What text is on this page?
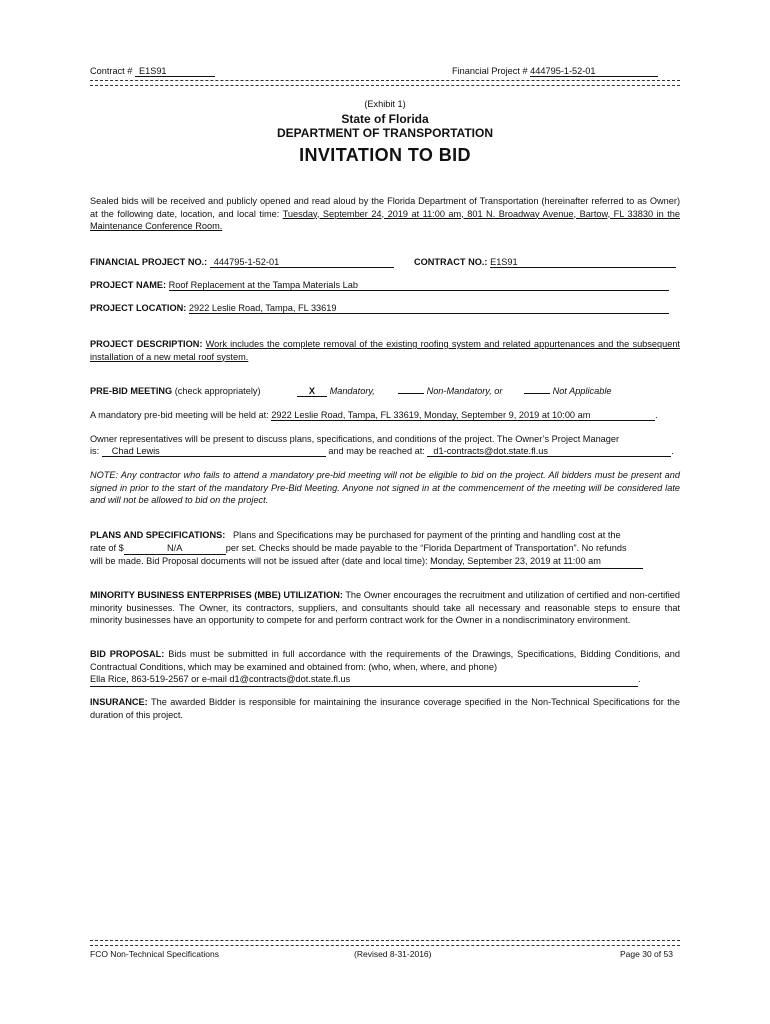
Contract # E1S91	Financial Project # 444795-1-52-01
(Exhibit 1)
State of Florida
DEPARTMENT OF TRANSPORTATION
INVITATION TO BID
Sealed bids will be received and publicly opened and read aloud by the Florida Department of Transportation (hereinafter referred to as Owner) at the following date, location, and local time: Tuesday, September 24, 2019 at 11:00 am, 801 N. Broadway Avenue, Bartow, FL 33830 in the Maintenance Conference Room.
FINANCIAL PROJECT NO.: 444795-1-52-01	CONTRACT NO.: E1S91
PROJECT NAME: Roof Replacement at the Tampa Materials Lab
PROJECT LOCATION: 2922 Leslie Road, Tampa, FL 33619
PROJECT DESCRIPTION: Work includes the complete removal of the existing roofing system and related appurtenances and the subsequent installation of a new metal roof system.
PRE-BID MEETING (check appropriately)	X Mandatory,	Non-Mandatory, or	Not Applicable
A mandatory pre-bid meeting will be held at: 2922 Leslie Road, Tampa, FL 33619, Monday, September 9, 2019 at 10:00 am	.
Owner representatives will be present to discuss plans, specifications, and conditions of the project. The Owner’s Project Manager
is: Chad Lewis	and may be reached at: d1-contracts@dot.state.fl.us	.
NOTE: Any contractor who fails to attend a mandatory pre-bid meeting will not be eligible to bid on the project. All bidders must be present and signed in prior to the start of the mandatory Pre-Bid Meeting. Anyone not signed in at the commencement of the meeting will be considered late and will not be allowed to bid on the project.
PLANS AND SPECIFICATIONS: Plans and Specifications may be purchased for payment of the printing and handling cost at the
rate of $	N/A	per set. Checks should be made payable to the “Florida Department of Transportation”. No refunds
will be made. Bid Proposal documents will not be issued after (date and local time): Monday, September 23, 2019 at 11:00 am
MINORITY BUSINESS ENTERPRISES (MBE) UTILIZATION: The Owner encourages the recruitment and utilization of certified and non-certified minority businesses. The Owner, its contractors, suppliers, and consultants should take all necessary and reasonable steps to ensure that minority businesses have an opportunity to compete for and perform contract work for the Owner in a nondiscriminatory environment.
BID PROPOSAL: Bids must be submitted in full accordance with the requirements of the Drawings, Specifications, Bidding Conditions, and Contractual Conditions, which may be examined and obtained from: (who, when, where, and phone)
Ella Rice, 863-519-2567 or e-mail d1@contracts@dot.state.fl.us	.
INSURANCE: The awarded Bidder is responsible for maintaining the insurance coverage specified in the Non-Technical Specifications for the duration of this project.
FCO Non-Technical Specifications	(Revised 8-31-2016)	Page 30 of 53
